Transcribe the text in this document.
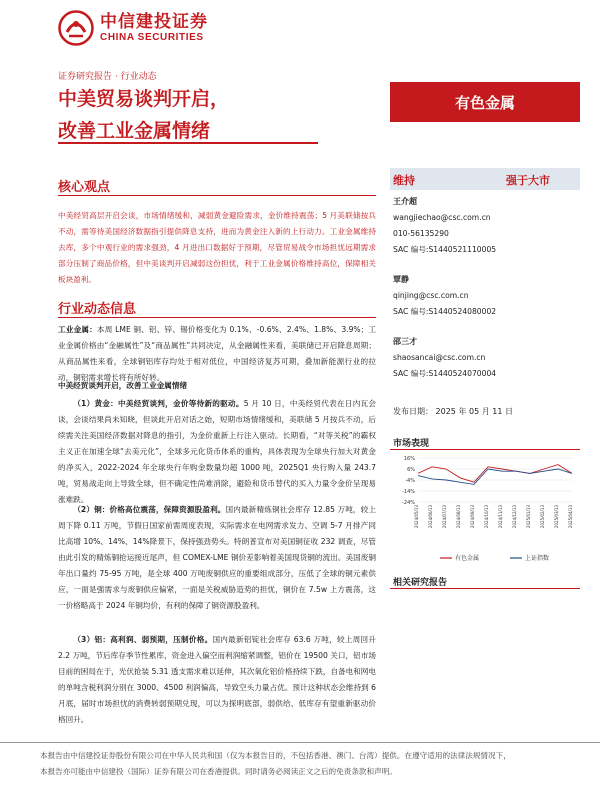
中信建投证券
CHINA SECURITIES
证券研究报告 · 行业动态
中美贸易谈判开启，
改善工业金属情绪
有色金属
核心观点
中美经贸高层开启会谈，市场情绪缓和，减弱黄金避险需求，金价维持震荡；5 月美联储按兵不动，需等待美国经济数据指引提供降息支持，进而为黄金注入新的上行动力。工业金属维持去库，多个中观行业的需求强劲，4 月进出口数据好于预期，尽管贸易战令市场担忧远期需求部分压制了商品价格，但中美谈判开启减弱这份担忧，利于工业金属价格维持高位，保障相关板块盈利。
行业动态信息
工业金属：本周 LME 铜、铝、锌、锡价格变化为 0.1%、-0.6%、2.4%、1.8%、3.9%；工业金属价格由“金融属性”及“商品属性”共同决定，从金融属性来看，美联储已开启降息周期；从商品属性来看，全球铜铝库存均处于相对低位，中国经济复苏可期，叠加新能源行业的拉动，铜铝需求增长将有所好转。
中美经贸谈判开启，改善工业金属情绪
（1）黄金：中美经贸谈判，金价等待新的驱动。5 月 10 日，中美经贸代表在日内瓦会谈，会谈结果尚未知晓，但谈此开启对话之始，短期市场情绪缓和，美联储 5 月按兵不动，后续需关注美国经济数据对降息的指引，为金价重新上行注入驱动。长期看，“对等关税”的霸权主义正在加速全球“去美元化”，全球多元化货币体系的重构，具体表现为全球央行加大对黄金的净买入，2022-2024 年全球央行年购金数量均超 1000 吨，2025Q1 央行购入量 243.7 吨，贸易战走向上导致全球，但不确定性尚难消除，避险和货币替代的买入力量令金价呈现易涨难跌。
（2）铜：价格高位震荡，保障资源股盈利。国内最新精炼铜社会库存 12.85 万吨，较上周下降 0.11 万吨，节假日国家前需周度表现，实际需求在电网需求发力、空调 5-7 月排产同比高增 10%、14%、14%降景下，保持强劲势头。特朗普宣布对美国铜征收 232 调查，尽管由此引发的精炼铜抢运接近尾声，但 COMEX-LME 铜价差影响着美国现货铜的流出。美国废铜年出口量约 75-95 万吨，是全球 400 万吨废铜供应的重要组成部分，压低了全球的铜元素供应，一面是强需求与废铜供应偏紧，一面是关税威胁造势的担忧，铜价在 7.5w 上方震荡，这一价格略高于 2024 年铜均价，有利的保障了铜资源股盈利。
（3）铝：高利润、弱预期，压制价格。国内最新铝锭社会库存 63.6 万吨，较上周回升 2.2 万吨，节后库存季节性累库，资金进入偏空而利润缩紧调整，铝价在 19500 关口，铝市场目前的困局在于，光伏抢装 5.31 透支需求难以延伸，其次氧化铝价格持续下跌，自备电和网电的单吨含税利润分别在 3000、4500 利润偏高，导致空头力量占优。预计这种状态会维持到 6 月底，届时市场担忧的消费转弱预期兑现，可以为探明底部，弱供给、低库存有望重新驱动价格回升。
维持	强于大市
王介超
wangjiechao@csc.com.cn
010-56135290
SAC 编号:S1440521110005
覃静
qinjing@csc.com.cn
SAC 编号:S1440524080002
邵三才
shaosancai@csc.com.cn
SAC 编号:S1440524070004
发布日期： 2025 年 05 月 11 日
市场表现
16%
6%
-4%
-14%
-24%
2024/05/13 2024/06/13 2024/07/13 2024/08/13 2024/09/13 2024/10/13 2024/11/13 2024/12/13 2025/01/13 2025/02/13 2025/03/13 2025/04/13
有色金属	上证指数
相关研究报告
本报告由中信建投证券股份有限公司在中华人民共和国（仅为本报告目的，不包括香港、澳门、台湾）提供。在遵守适用的法律法规情况下，
本报告亦可能由中信建投（国际）证券有限公司在香港提供。同时请务必阅读正文之后的免责条款和声明。
